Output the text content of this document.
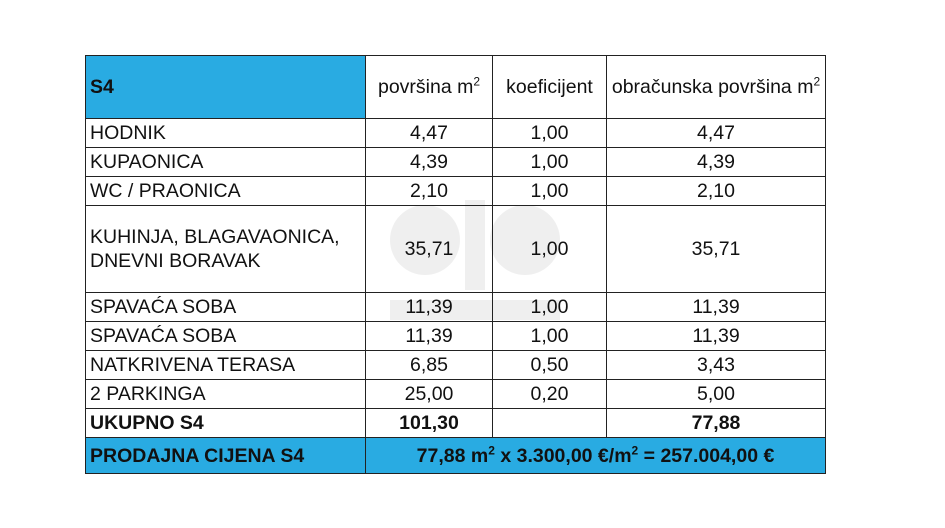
S4	površina $m^2$	koeficijent	obračunska površina $m^2$
HODNIK	4,47	1,00	4,47
KUPAONICA	4,39	1,00	4,39
WC / PRAONICA	2,10	1,00	2,10
KUHINJA, BLAGAVAONICA, DNEVNI BORAVAK	35,71	1,00	35,71
SPAVAĆA SOBA	11,39	1,00	11,39
SPAVAĆA SOBA	11,39	1,00	11,39
NATKRIVENA TERASA	6,85	0,50	3,43
2 PARKINGA	25,00	0,20	5,00
UKUPNO S4	101,30		77,88
PRODAJNA CIJENA S4	77,88 $m^2$ x 3.300,00 $€/m^2 = 257.004,00$ €		
